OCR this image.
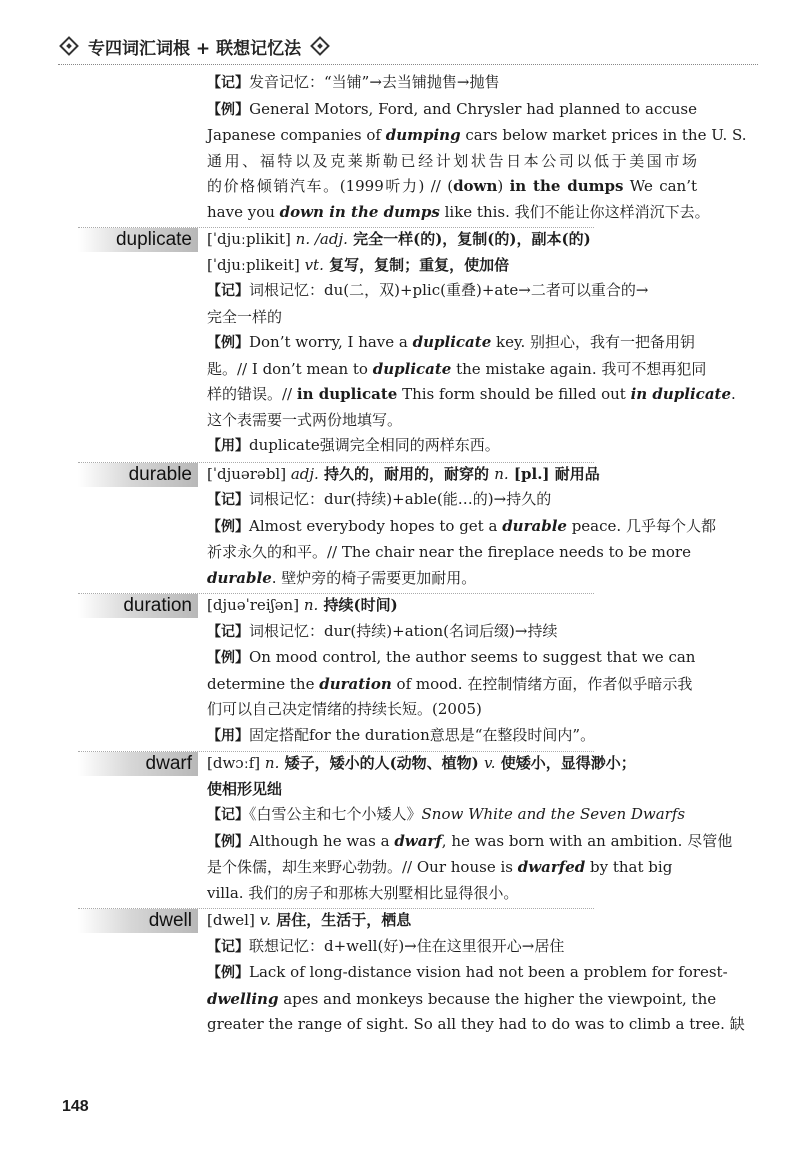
专四词汇词根 + 联想记忆法
【记】发音记忆：“当铺”→去当铺抛售→抛售
【例】General Motors, Ford, and Chrysler had planned to accuse
Japanese companies of dumping cars below market prices in the U. S.
通用、福特以及克莱斯勒已经计划状告日本公司以低于美国市场
的价格倾销汽车。(1999听力) // (down) in the dumps We can’t
have you down in the dumps like this. 我们不能让你这样消沉下去。
duplicate	[ˈdjuːplikit] n. /adj. 完全一样(的)，复制(的)，副本(的)
[ˈdjuːplikeit] vt. 复写，复制；重复，使加倍
【记】词根记忆：du(二，双)+plic(重叠)+ate→二者可以重合的→
完全一样的
【例】Don’t worry, I have a duplicate key. 别担心，我有一把备用钥
匙。// I don’t mean to duplicate the mistake again. 我可不想再犯同
样的错误。// in duplicate This form should be filled out in duplicate.
这个表需要一式两份地填写。
【用】duplicate强调完全相同的两样东西。
durable	[ˈdjuərəbl] adj. 持久的，耐用的，耐穿的 n. [pl.] 耐用品
【记】词根记忆：dur(持续)+able(能…的)→持久的
【例】Almost everybody hopes to get a durable peace. 几乎每个人都
祈求永久的和平。// The chair near the fireplace needs to be more
durable. 壁炉旁的椅子需要更加耐用。
duration	[djuəˈreiʃən] n. 持续(时间)
【记】词根记忆：dur(持续)+ation(名词后缀)→持续
【例】On mood control, the author seems to suggest that we can
determine the duration of mood. 在控制情绪方面，作者似乎暗示我
们可以自己决定情绪的持续长短。(2005)
【用】固定搭配for the duration意思是“在整段时间内”。
dwarf	[dwɔːf] n. 矮子，矮小的人(动物、植物) v. 使矮小，显得渺小；
使相形见绌
【记】《白雪公主和七个小矮人》Snow White and the Seven Dwarfs
【例】Although he was a dwarf, he was born with an ambition. 尽管他
是个侏儒，却生来野心勃勃。// Our house is dwarfed by that big
villa. 我们的房子和那栋大别墅相比显得很小。
dwell	[dwel] v. 居住，生活于，栖息
【记】联想记忆：d+well(好)→住在这里很开心→居住
【例】Lack of long-distance vision had not been a problem for forest-
dwelling apes and monkeys because the higher the viewpoint, the
greater the range of sight. So all they had to do was to climb a tree. 缺
148
